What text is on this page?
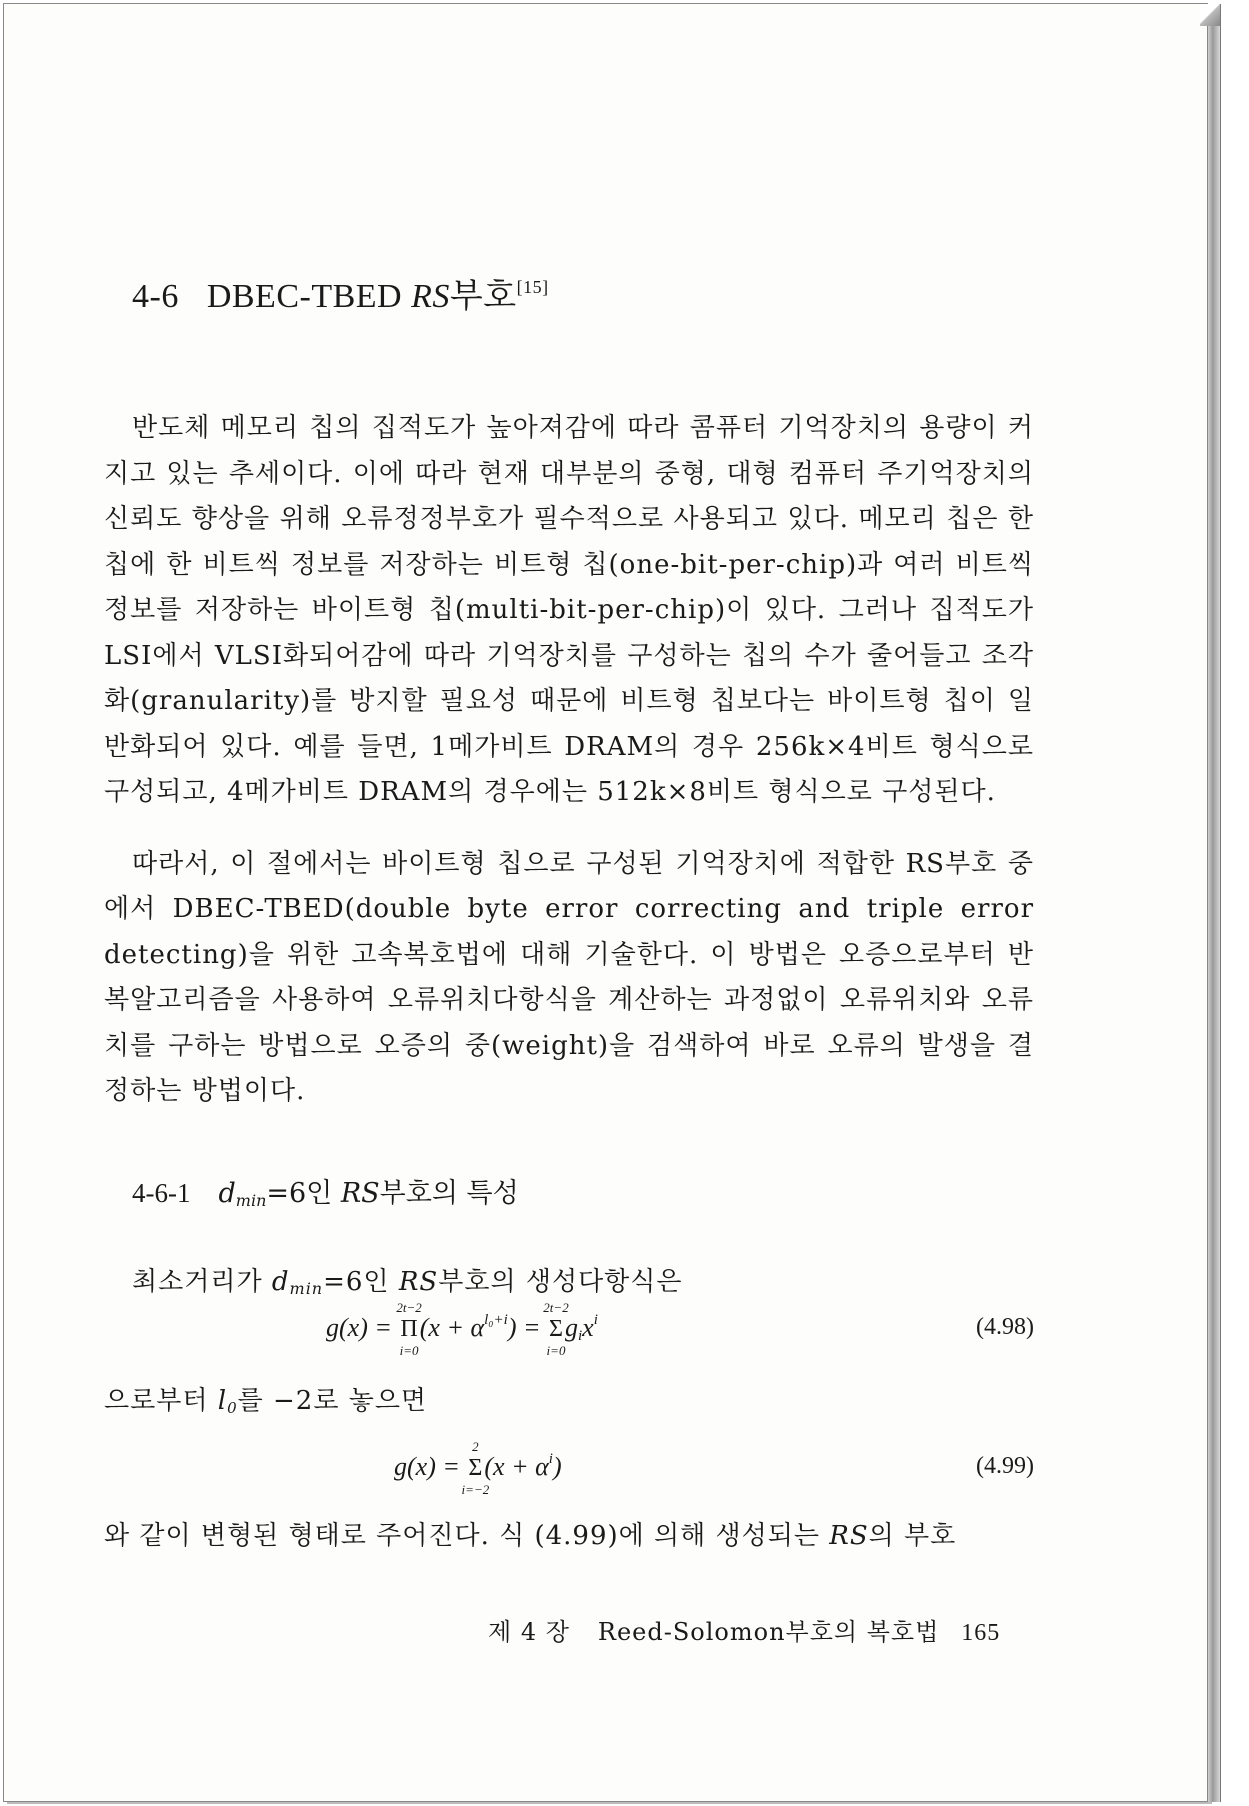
4-6 DBEC-TBED RS부호[15]

반도체 메모리 칩의 집적도가 높아져감에 따라 콤퓨터 기억장치의 용량이 커지고 있는 추세이다. 이에 따라 현재 대부분의 중형, 대형 컴퓨터 주기억장치의 신뢰도 향상을 위해 오류정정부호가 필수적으로 사용되고 있다. 메모리 칩은 한 칩에 한 비트씩 정보를 저장하는 비트형 칩(one-bit-per-chip)과 여러 비트씩 정보를 저장하는 바이트형 칩(multi-bit-per-chip)이 있다. 그러나 집적도가 LSI에서 VLSI화되어감에 따라 기억장치를 구성하는 칩의 수가 줄어들고 조각화(granularity)를 방지할 필요성 때문에 비트형 칩보다는 바이트형 칩이 일반화되어 있다. 예를 들면, 1메가비트 DRAM의 경우 256k×4비트 형식으로 구성되고, 4메가비트 DRAM의 경우에는 512k×8비트 형식으로 구성된다.

따라서, 이 절에서는 바이트형 칩으로 구성된 기억장치에 적합한 RS부호 중에서 DBEC-TBED(double byte error correcting and triple error detecting)을 위한 고속복호법에 대해 기술한다. 이 방법은 오증으로부터 반복알고리즘을 사용하여 오류위치다항식을 계산하는 과정없이 오류위치와 오류치를 구하는 방법으로 오증의 중(weight)을 검색하여 바로 오류의 발생을 결정하는 방법이다.

4-6-1 dmin=6인 RS부호의 특성
최소거리가 dmin=6인 RS부호의 생성다항식은
g(x) =
2t−2
Π
i=0
$(x + \alpha^{l_0+i})$ =
2t−2
Σ
i=0
$g_ix^i$	(4.98)
으로부터 $l_0$를 −2로 놓으면
g(x) =
2
Σ
i=−2
$(x + \alpha^i)$	(4.99)
와 같이 변형된 형태로 주어진다. 식 (4.99)에 의해 생성되는 RS의 부호
제 4 장 Reed-Solomon부호의 복호법 165
